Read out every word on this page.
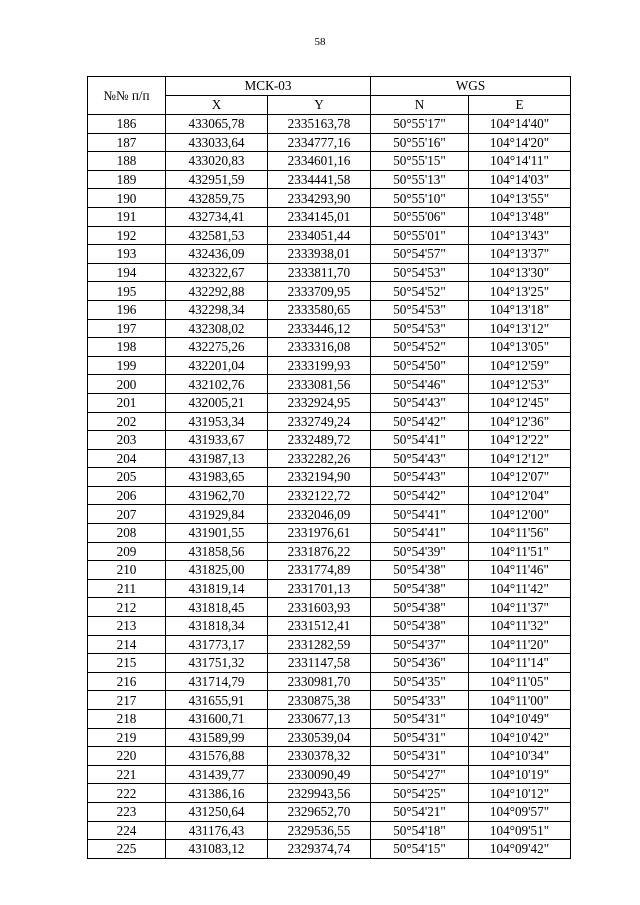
58
№№ п/п	МСК-03		WGS	
	X	Y	N	E
186	433065,78	2335163,78	50°55'17"	104°14'40"
187	433033,64	2334777,16	50°55'16"	104°14'20"
188	433020,83	2334601,16	50°55'15"	104°14'11"
189	432951,59	2334441,58	50°55'13"	104°14'03"
190	432859,75	2334293,90	50°55'10"	104°13'55"
191	432734,41	2334145,01	50°55'06"	104°13'48"
192	432581,53	2334051,44	50°55'01"	104°13'43"
193	432436,09	2333938,01	50°54'57"	104°13'37"
194	432322,67	2333811,70	50°54'53"	104°13'30"
195	432292,88	2333709,95	50°54'52"	104°13'25"
196	432298,34	2333580,65	50°54'53"	104°13'18"
197	432308,02	2333446,12	50°54'53"	104°13'12"
198	432275,26	2333316,08	50°54'52"	104°13'05"
199	432201,04	2333199,93	50°54'50"	104°12'59"
200	432102,76	2333081,56	50°54'46"	104°12'53"
201	432005,21	2332924,95	50°54'43"	104°12'45"
202	431953,34	2332749,24	50°54'42"	104°12'36"
203	431933,67	2332489,72	50°54'41"	104°12'22"
204	431987,13	2332282,26	50°54'43"	104°12'12"
205	431983,65	2332194,90	50°54'43"	104°12'07"
206	431962,70	2332122,72	50°54'42"	104°12'04"
207	431929,84	2332046,09	50°54'41"	104°12'00"
208	431901,55	2331976,61	50°54'41"	104°11'56"
209	431858,56	2331876,22	50°54'39"	104°11'51"
210	431825,00	2331774,89	50°54'38"	104°11'46"
211	431819,14	2331701,13	50°54'38"	104°11'42"
212	431818,45	2331603,93	50°54'38"	104°11'37"
213	431818,34	2331512,41	50°54'38"	104°11'32"
214	431773,17	2331282,59	50°54'37"	104°11'20"
215	431751,32	2331147,58	50°54'36"	104°11'14"
216	431714,79	2330981,70	50°54'35"	104°11'05"
217	431655,91	2330875,38	50°54'33"	104°11'00"
218	431600,71	2330677,13	50°54'31"	104°10'49"
219	431589,99	2330539,04	50°54'31"	104°10'42"
220	431576,88	2330378,32	50°54'31"	104°10'34"
221	431439,77	2330090,49	50°54'27"	104°10'19"
222	431386,16	2329943,56	50°54'25"	104°10'12"
223	431250,64	2329652,70	50°54'21"	104°09'57"
224	431176,43	2329536,55	50°54'18"	104°09'51"
225	431083,12	2329374,74	50°54'15"	104°09'42"
